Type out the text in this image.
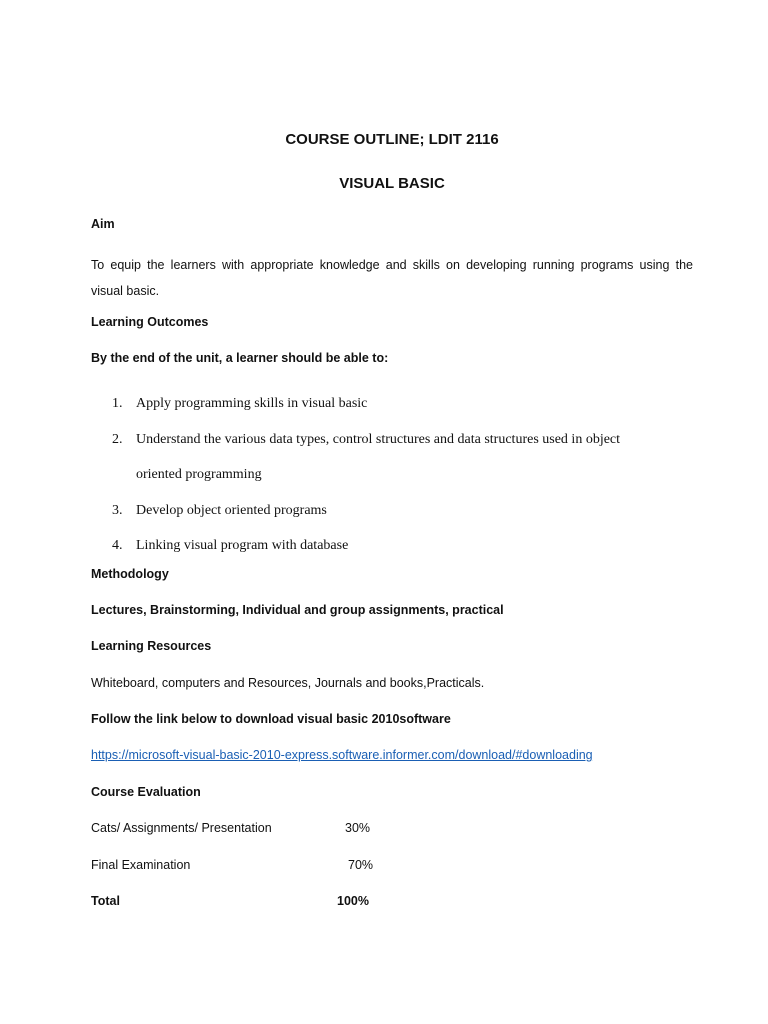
COURSE OUTLINE; LDIT 2116
VISUAL BASIC
Aim
To equip the learners with appropriate knowledge and skills on developing running programs using the
visual basic.
Learning Outcomes
By the end of the unit, a learner should be able to:
1. Apply programming skills in visual basic
2. Understand the various data types, control structures and data structures used in object
oriented programming
3. Develop object oriented programs
4. Linking visual program with database
Methodology
Lectures, Brainstorming, Individual and group assignments, practical
Learning Resources
Whiteboard, computers and Resources, Journals and books,Practicals.
Follow the link below to download visual basic 2010software
https://microsoft-visual-basic-2010-express.software.informer.com/download/#downloading
Course Evaluation
Cats/ Assignments/ Presentation	30%
Final Examination	70%
Total	100%
